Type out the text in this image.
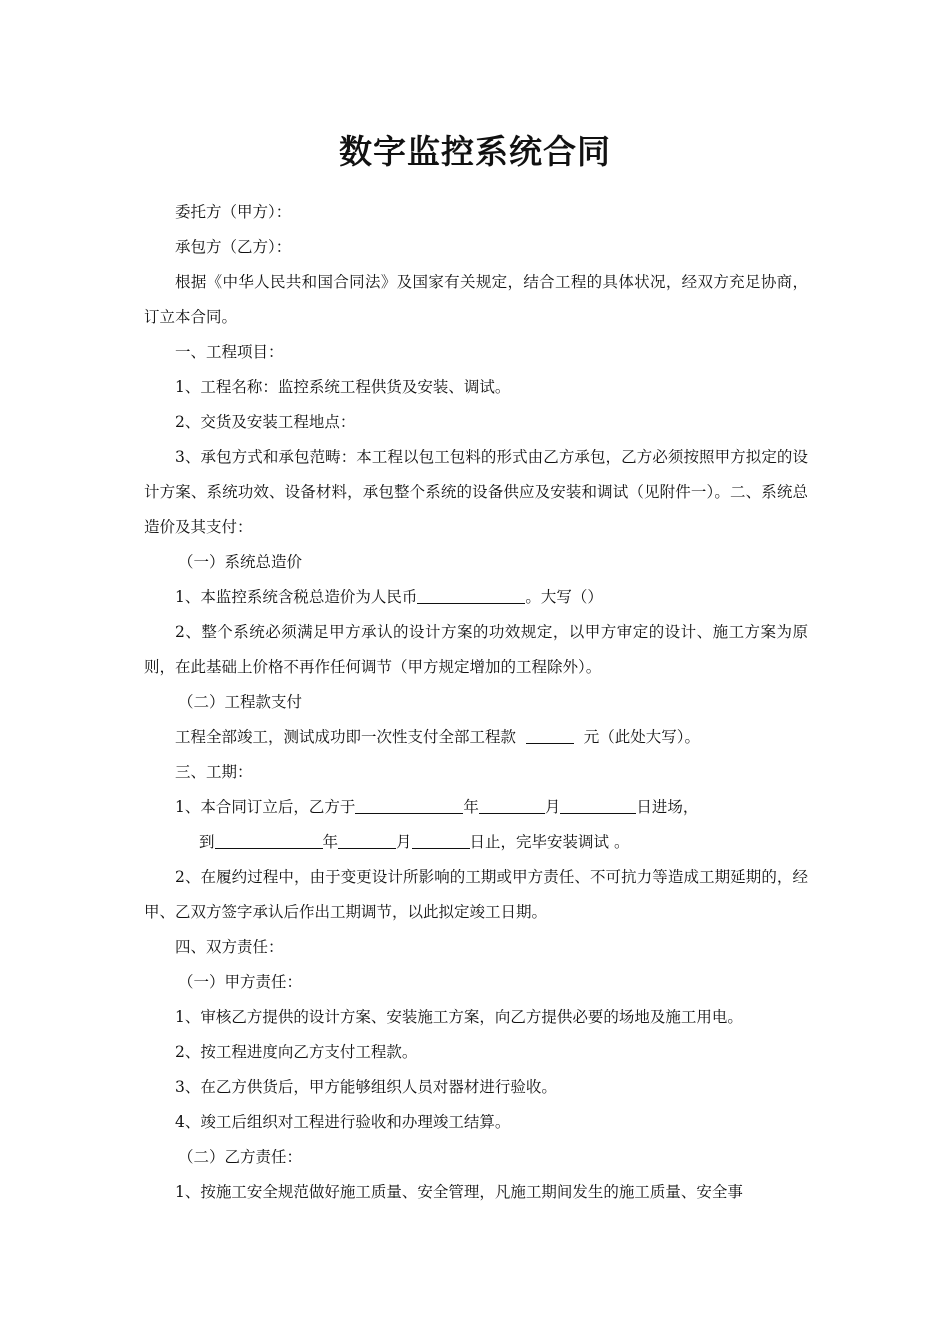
数字监控系统合同

委托方（甲方）：

承包方（乙方）：

根据《中华人民共和国合同法》及国家有关规定，结合工程的具体状况，经双方充足协商，订立本合同。

一、工程项目：

1、工程名称：监控系统工程供货及安装、调试。

2、交货及安装工程地点：

3、承包方式和承包范畴：本工程以包工包料的形式由乙方承包，乙方必须按照甲方拟定的设计方案、系统功效、设备材料，承包整个系统的设备供应及安装和调试（见附件一）。二、系统总造价及其支付：

（一）系统总造价

1、本监控系统含税总造价为人民币	。大写（）

2、整个系统必须满足甲方承认的设计方案的功效规定，以甲方审定的设计、施工方案为原则，在此基础上价格不再作任何调节（甲方规定增加的工程除外）。

（二）工程款支付

工程全部竣工，测试成功即一次性支付全部工程款	元（此处大写）。

三、工期：

1、本合同订立后，乙方于	年	月	日进场，

到	年	月	日止，完毕安装调试 。

2、在履约过程中，由于变更设计所影响的工期或甲方责任、不可抗力等造成工期延期的，经甲、乙双方签字承认后作出工期调节，以此拟定竣工日期。

四、双方责任：

（一）甲方责任：

1、审核乙方提供的设计方案、安装施工方案，向乙方提供必要的场地及施工用电。

2、按工程进度向乙方支付工程款。

3、在乙方供货后，甲方能够组织人员对器材进行验收。

4、竣工后组织对工程进行验收和办理竣工结算。

（二）乙方责任：

1、按施工安全规范做好施工质量、安全管理，凡施工期间发生的施工质量、安全事
